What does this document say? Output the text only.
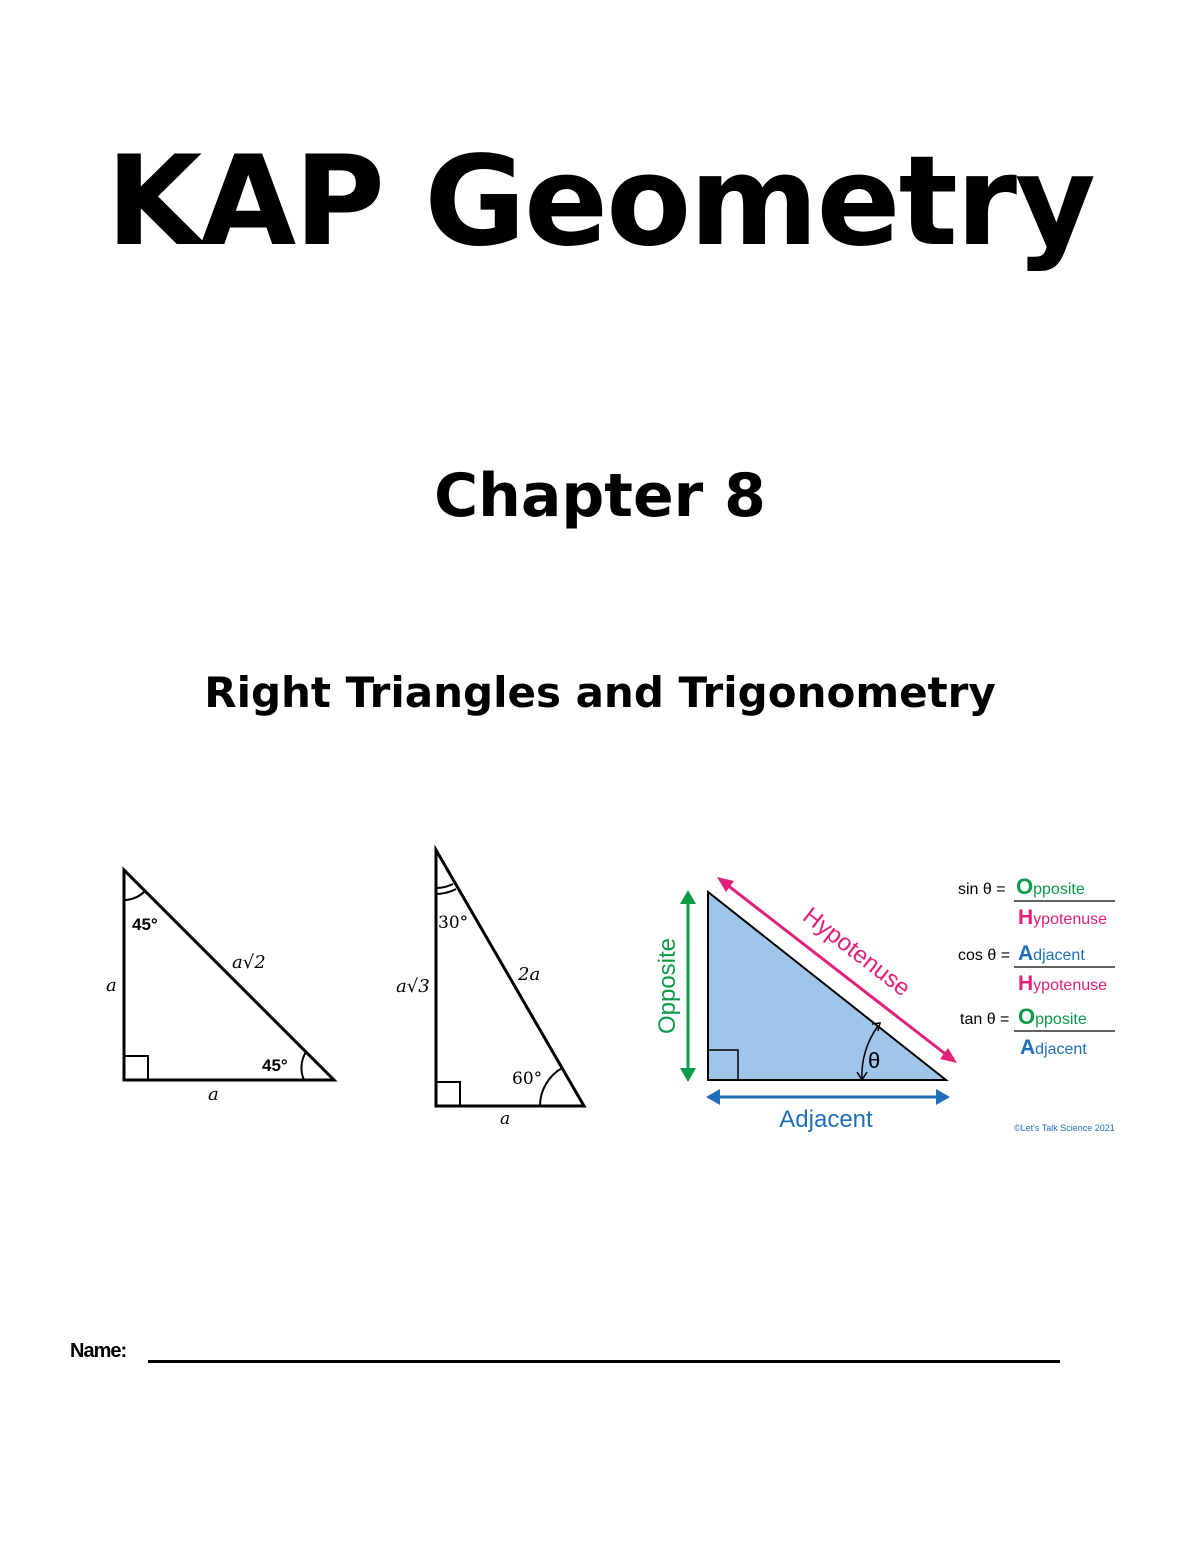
KAP Geometry
Chapter 8
Right Triangles and Trigonometry
45°
45°
a
a
a√2
30°
60°
a√3
a
2a
θ
Opposite	Hypotenuse
Adjacent
sin θ = Opposite
Hypotenuse
cos θ = Adjacent
Hypotenuse
tan θ = Opposite
Adjacent
©Let's Talk Science 2021
Name:
